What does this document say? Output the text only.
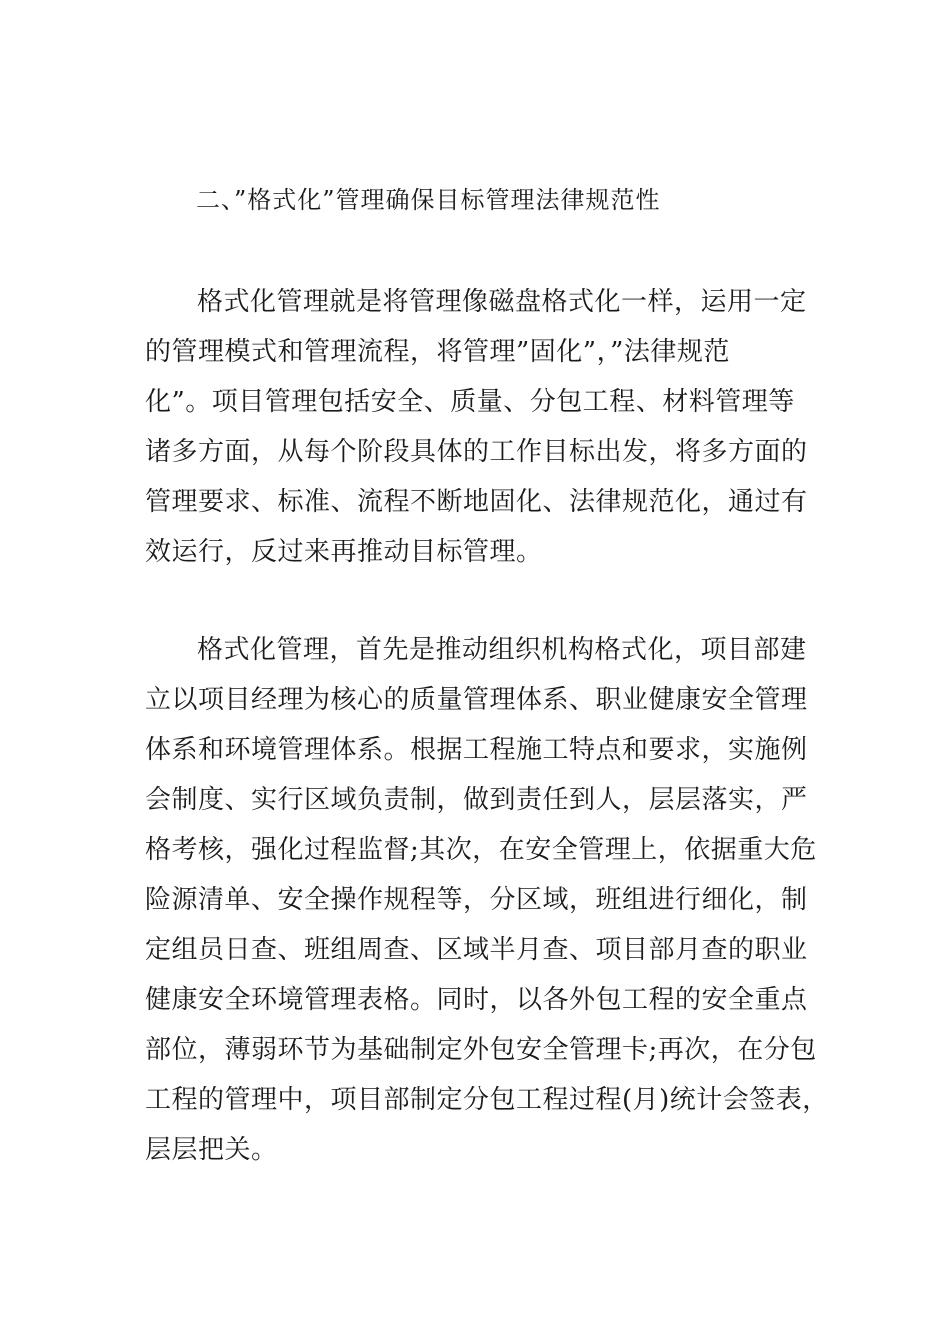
二、”格式化”管理确保目标管理法律规范性

格式化管理就是将管理像磁盘格式化一样，运用一定
的管理模式和管理流程，将管理”固化”，”法律规范
化”。项目管理包括安全、质量、分包工程、材料管理等
诸多方面，从每个阶段具体的工作目标出发，将多方面的
管理要求、标准、流程不断地固化、法律规范化，通过有
效运行，反过来再推动目标管理。

格式化管理，首先是推动组织机构格式化，项目部建
立以项目经理为核心的质量管理体系、职业健康安全管理
体系和环境管理体系。根据工程施工特点和要求，实施例
会制度、实行区域负责制，做到责任到人，层层落实，严
格考核，强化过程监督;其次，在安全管理上，依据重大危
险源清单、安全操作规程等，分区域，班组进行细化，制
定组员日查、班组周查、区域半月查、项目部月查的职业
健康安全环境管理表格。同时，以各外包工程的安全重点
部位，薄弱环节为基础制定外包安全管理卡;再次，在分包
工程的管理中，项目部制定分包工程过程(月)统计会签表，
层层把关。
